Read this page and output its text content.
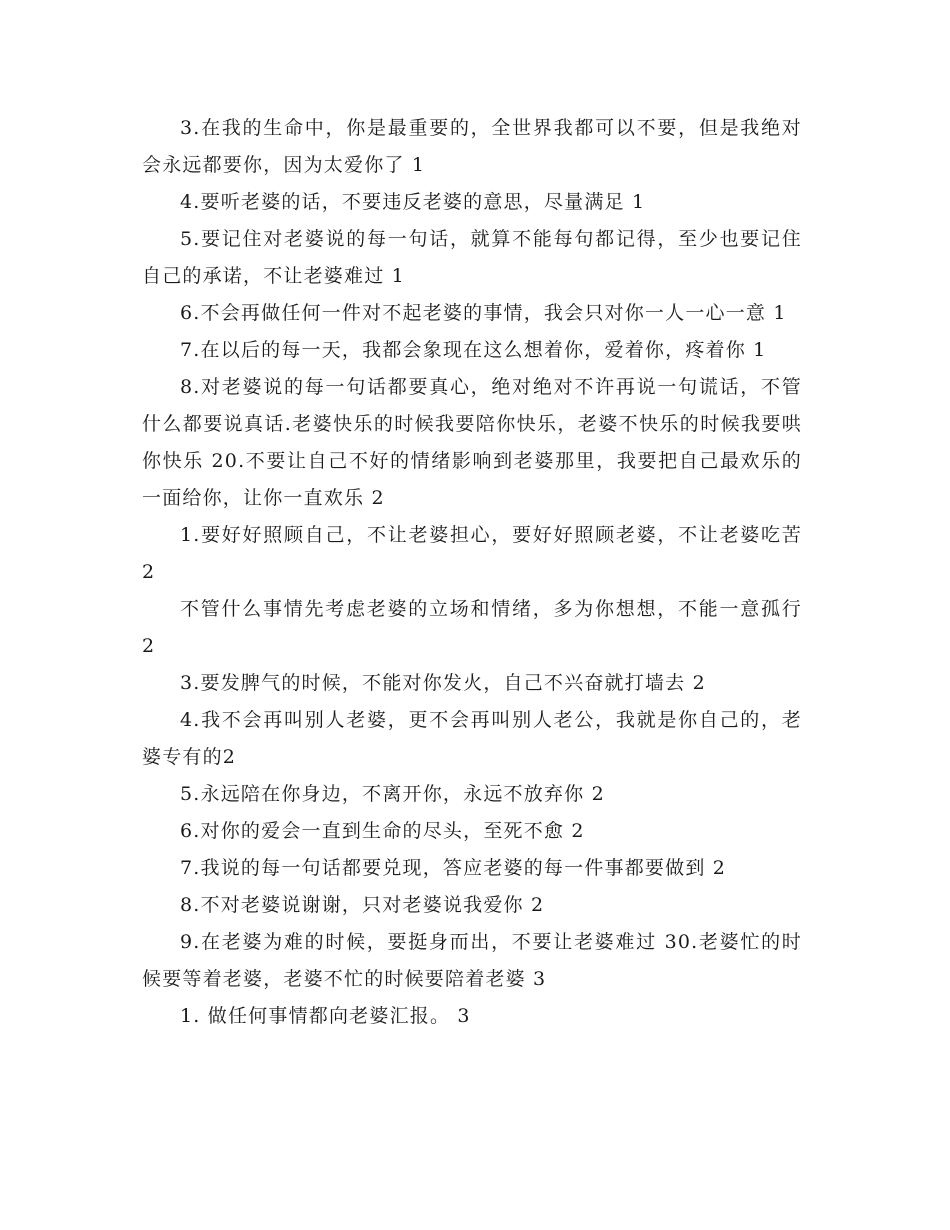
3.在我的生命中，你是最重要的，全世界我都可以不要，但是我绝对会永远都要你，因为太爱你了 1

4.要听老婆的话，不要违反老婆的意思，尽量满足 1

5.要记住对老婆说的每一句话，就算不能每句都记得，至少也要记住自己的承诺，不让老婆难过 1

6.不会再做任何一件对不起老婆的事情，我会只对你一人一心一意 1

7.在以后的每一天，我都会象现在这么想着你，爱着你，疼着你 1

8.对老婆说的每一句话都要真心，绝对绝对不许再说一句谎话，不管什么都要说真话.老婆快乐的时候我要陪你快乐，老婆不快乐的时候我要哄你快乐 20.不要让自己不好的情绪影响到老婆那里，我要把自己最欢乐的一面给你，让你一直欢乐 2

1.要好好照顾自己，不让老婆担心，要好好照顾老婆，不让老婆吃苦 2

不管什么事情先考虑老婆的立场和情绪，多为你想想，不能一意孤行 2

3.要发脾气的时候，不能对你发火，自己不兴奋就打墙去 2

4.我不会再叫别人老婆，更不会再叫别人老公，我就是你自己的，老婆专有的2

5.永远陪在你身边，不离开你，永远不放弃你 2

6.对你的爱会一直到生命的尽头，至死不愈 2

7.我说的每一句话都要兑现，答应老婆的每一件事都要做到 2

8.不对老婆说谢谢，只对老婆说我爱你 2

9.在老婆为难的时候，要挺身而出，不要让老婆难过 30.老婆忙的时候要等着老婆，老婆不忙的时候要陪着老婆 3

1. 做任何事情都向老婆汇报。 3
